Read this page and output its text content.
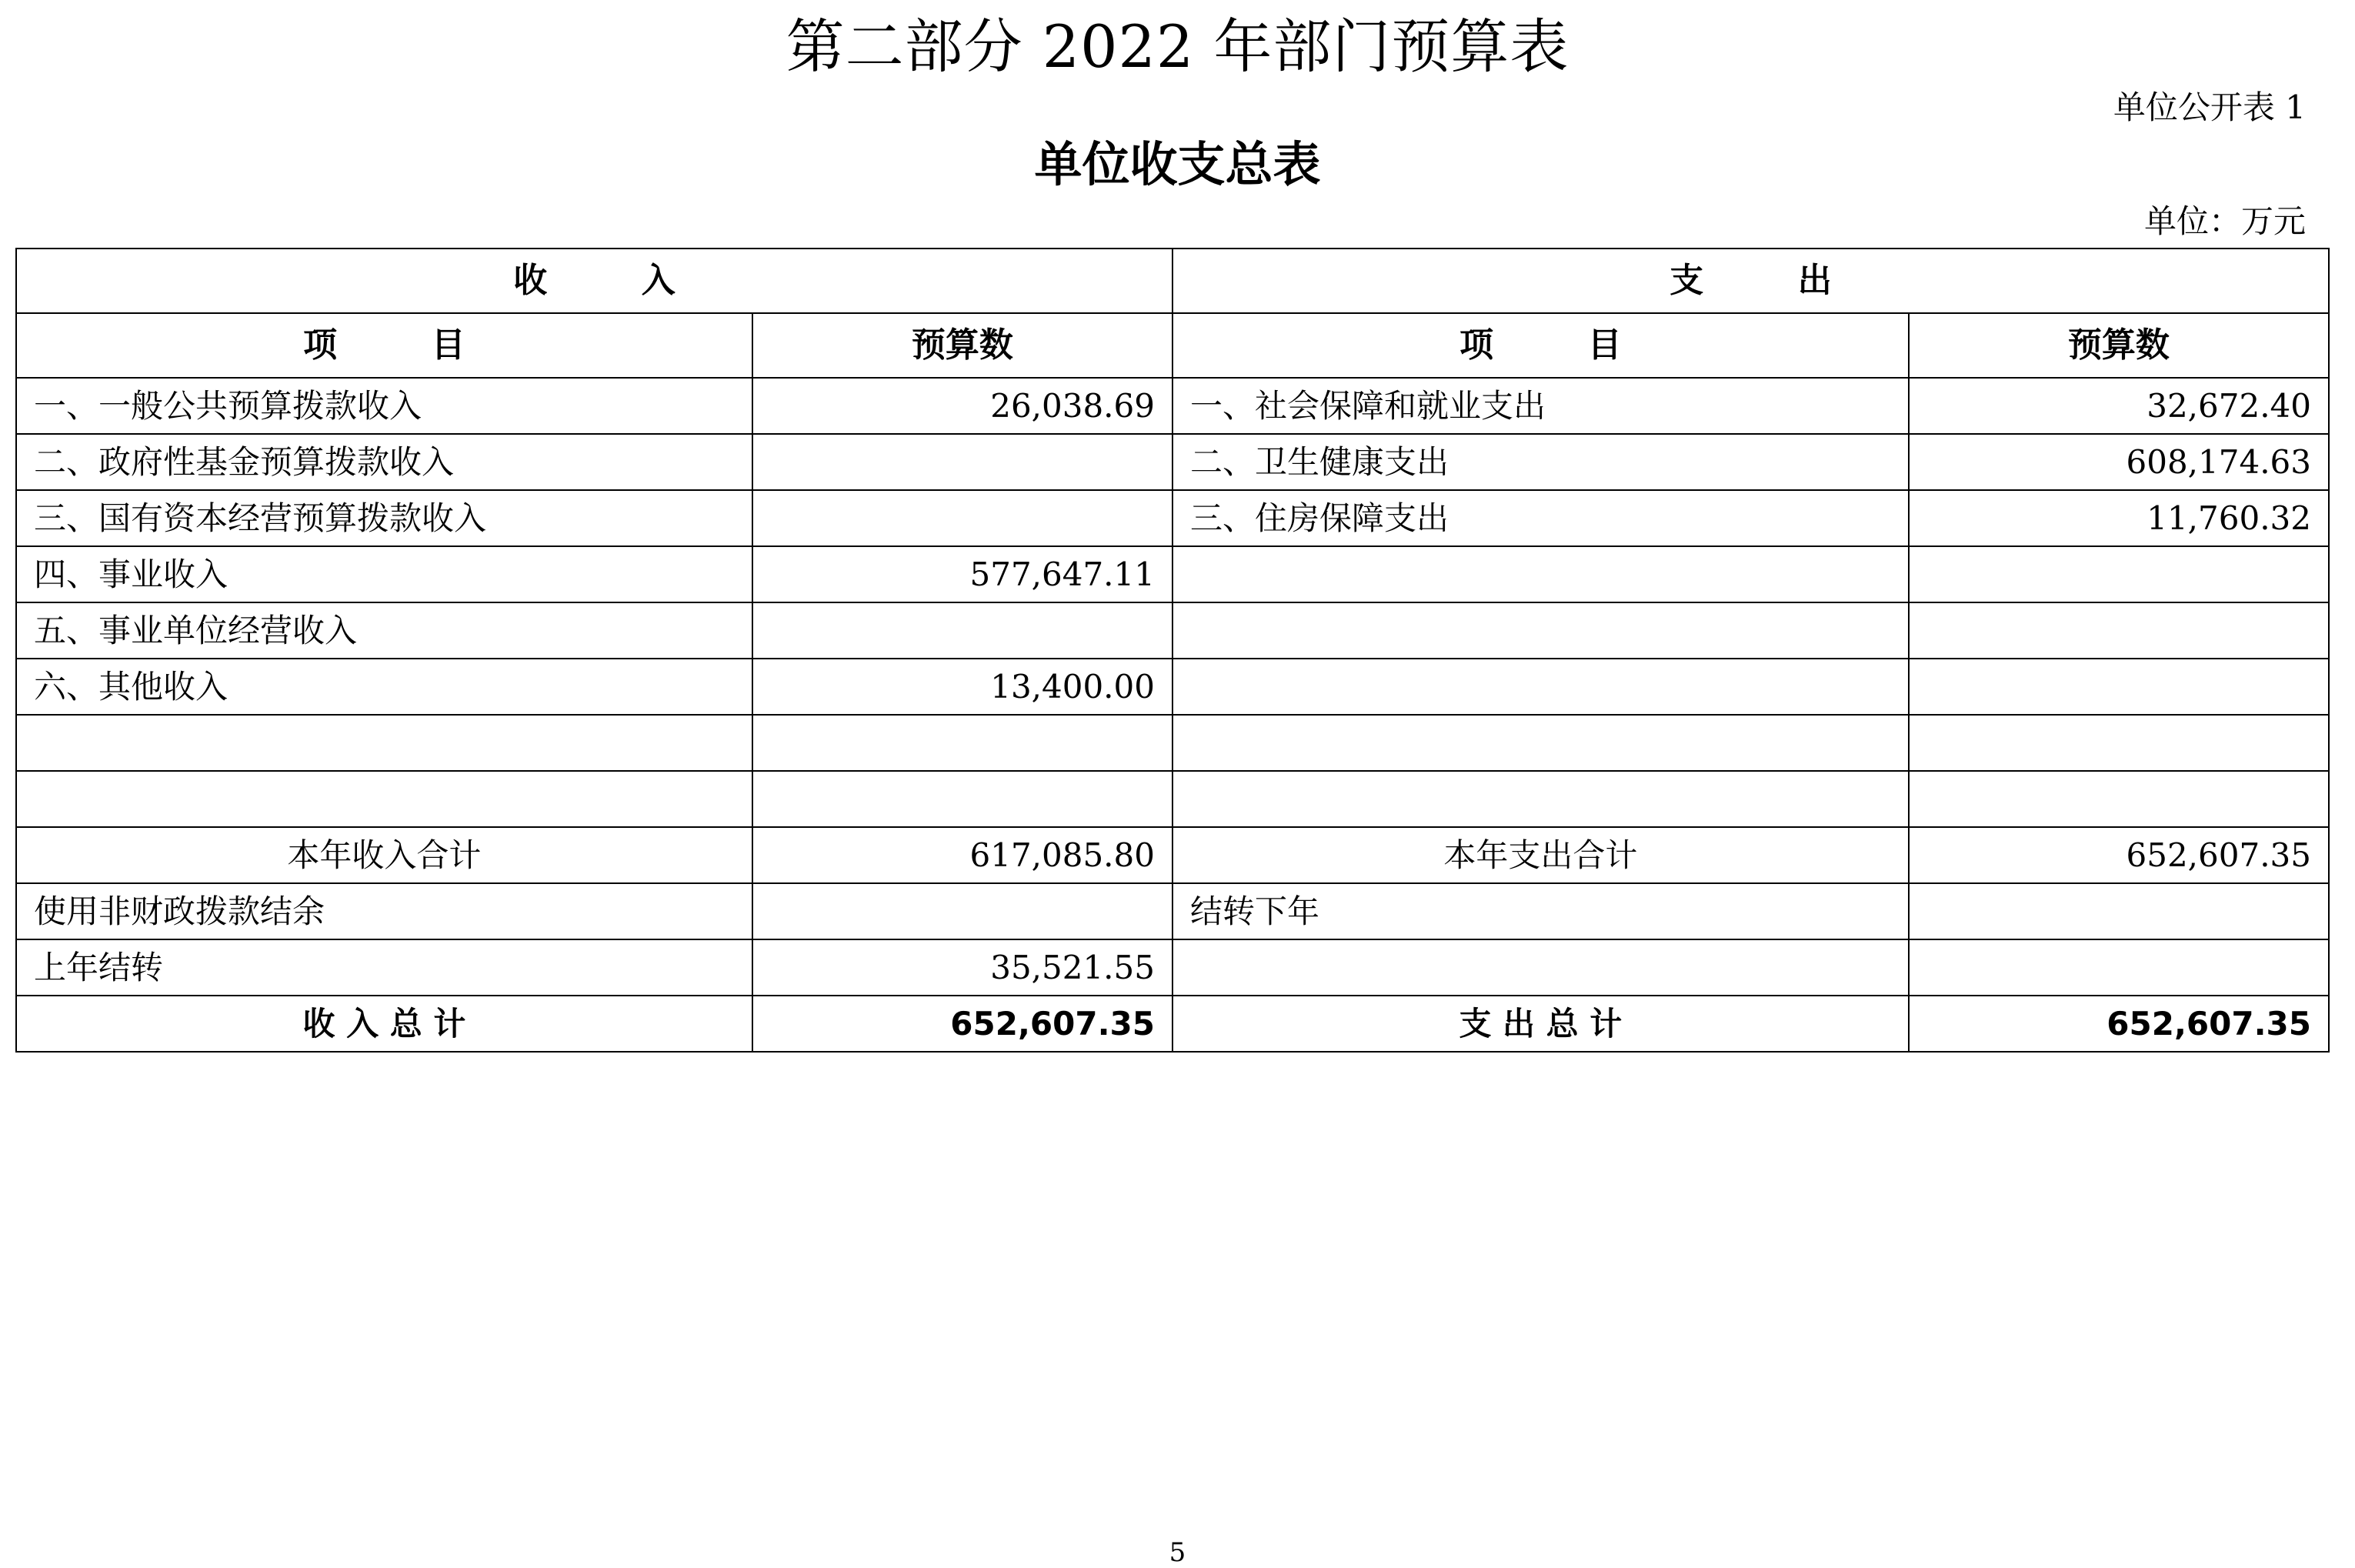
第二部分 2022 年部门预算表
单位公开表 1
单位收支总表
单位：万元
收        入		支        出	
项        目	预算数	项        目	预算数
一、一般公共预算拨款收入	26,038.69	一、社会保障和就业支出	32,672.40
二、政府性基金预算拨款收入		二、卫生健康支出	608,174.63
三、国有资本经营预算拨款收入		三、住房保障支出	11,760.32
四、事业收入	577,647.11		
五、事业单位经营收入			
六、其他收入	13,400.00		

本年收入合计	617,085.80	本年支出合计	652,607.35
使用非财政拨款结余		结转下年	
上年结转	35,521.55		
收 入 总 计	652,607.35	支 出 总 计	652,607.35
5
